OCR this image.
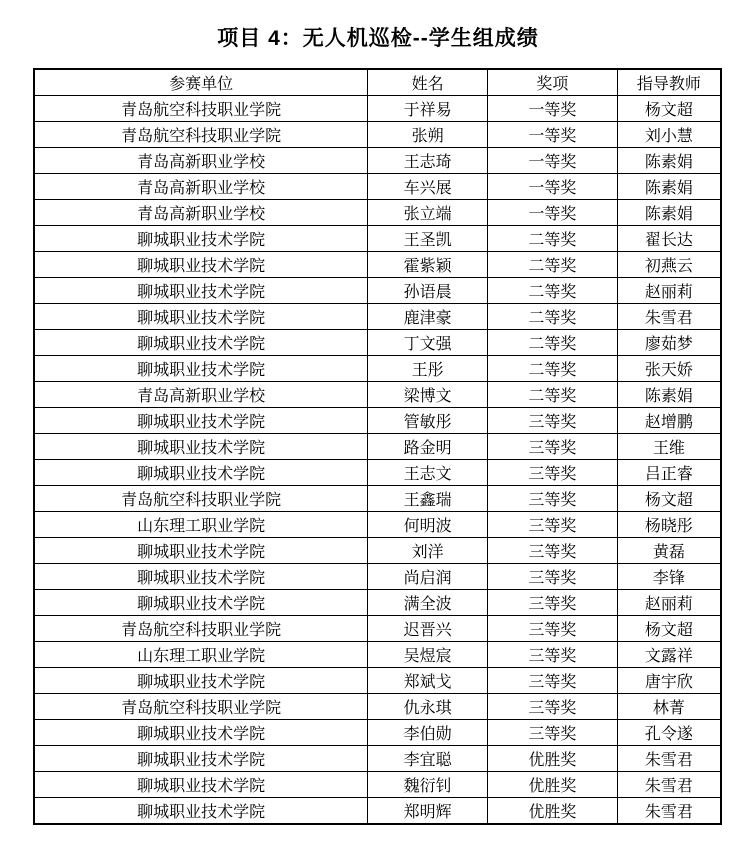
项目 4：无人机巡检--学生组成绩
参赛单位	姓名	奖项	指导教师
青岛航空科技职业学院	于祥易	一等奖	杨文超
青岛航空科技职业学院	张朔	一等奖	刘小慧
青岛高新职业学校	王志琦	一等奖	陈素娟
青岛高新职业学校	车兴展	一等奖	陈素娟
青岛高新职业学校	张立端	一等奖	陈素娟
聊城职业技术学院	王圣凯	二等奖	翟长达
聊城职业技术学院	霍紫颖	二等奖	初燕云
聊城职业技术学院	孙语晨	二等奖	赵丽莉
聊城职业技术学院	鹿津豪	二等奖	朱雪君
聊城职业技术学院	丁文强	二等奖	廖茹梦
聊城职业技术学院	王彤	二等奖	张天娇
青岛高新职业学校	梁博文	二等奖	陈素娟
聊城职业技术学院	管敏彤	三等奖	赵增鹏
聊城职业技术学院	路金明	三等奖	王维
聊城职业技术学院	王志文	三等奖	吕正睿
青岛航空科技职业学院	王鑫瑞	三等奖	杨文超
山东理工职业学院	何明波	三等奖	杨晓彤
聊城职业技术学院	刘洋	三等奖	黄磊
聊城职业技术学院	尚启润	三等奖	李锋
聊城职业技术学院	满全波	三等奖	赵丽莉
青岛航空科技职业学院	迟晋兴	三等奖	杨文超
山东理工职业学院	吴煜宸	三等奖	文露祥
聊城职业技术学院	郑斌戈	三等奖	唐宇欣
青岛航空科技职业学院	仇永琪	三等奖	林菁
聊城职业技术学院	李伯勋	三等奖	孔令遂
聊城职业技术学院	李宜聪	优胜奖	朱雪君
聊城职业技术学院	魏衍钊	优胜奖	朱雪君
聊城职业技术学院	郑明辉	优胜奖	朱雪君
